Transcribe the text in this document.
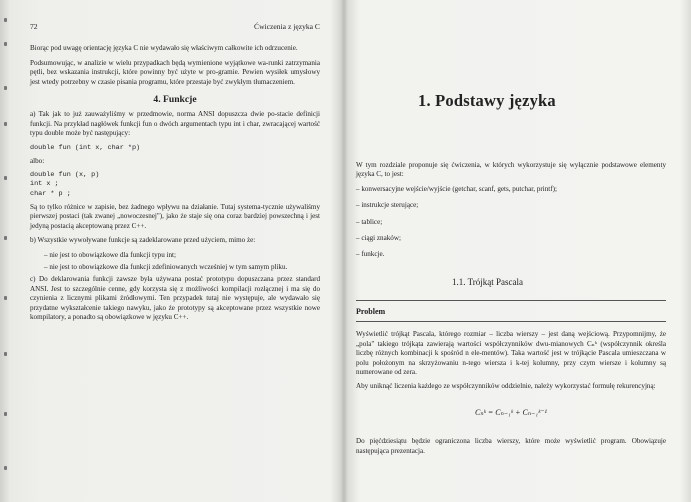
72	Ćwiczenia z języka C

Biorąc pod uwagę orientację języka C nie wydawało się właściwym całkowite ich odrzucenie.

Podsumowując, w analizie w wielu przypadkach będą wymienione wyjątkowe wa-runki zatrzymania pętli, bez wskazania instrukcji, które powinny być użyte w pro-gramie. Pewien wysiłek umysłowy jest wtedy potrzebny w czasie pisania programu, które przestaje być zwykłym tłumaczeniem.

4. Funkcje

a) Tak jak to już zauważyliśmy w przedmowie, norma ANSI dopuszcza dwie po-stacie definicji funkcji. Na przykład nagłówek funkcji fun o dwóch argumentach typu int i char, zwracającej wartość typu double może być następujący:

double fun (int x, char *p)

albo:

double fun (x, p)
int x ;
char * p ;

Są to tylko różnice w zapisie, bez żadnego wpływu na działanie. Tutaj systema-tycznie używaliśmy pierwszej postaci (tak zwanej „nowoczesnej"), jako że staje się ona coraz bardziej powszechną i jest jedyną postacią akceptowaną przez C++.

b) Wszystkie wywoływane funkcje są zadeklarowane przed użyciem, mimo że:

– nie jest to obowiązkowe dla funkcji typu int;
– nie jest to obowiązkowe dla funkcji zdefiniowanych wcześniej w tym samym pliku.

c) Do deklarowania funkcji zawsze była używana postać prototypu dopuszczana przez standard ANSI. Jest to szczególnie cenne, gdy korzysta się z możliwości kompilacji rozłącznej i ma się do czynienia z licznymi plikami źródłowymi. Ten przypadek tutaj nie występuje, ale wydawało się przydatne wykształcenie takiego nawyku, jako że prototypy są akceptowane przez wszystkie nowe kompilatory, a ponadto są obowiązkowe w języku C++.

1. Podstawy języka

W tym rozdziale proponuje się ćwiczenia, w których wykorzystuje się wyłącznie podstawowe elementy języka C, to jest:

– konwersacyjne wejście/wyjście (getchar, scanf, gets, putchar, printf);
– instrukcje sterujące;
– tablice;
– ciągi znaków;
– funkcje.
1.1. Trójkąt Pascala
Problem

Wyświetlić trójkąt Pascala, którego rozmiar – liczba wierszy – jest daną wejściową. Przypomnijmy, że „pola" takiego trójkąta zawierają wartości współczynników dwu-mianowych Cₙᵏ (współczynnik określa liczbę różnych kombinacji k spośród n ele-mentów). Taka wartość jest w trójkącie Pascala umieszczana w polu położonym na skrzyżowaniu n-tego wiersza i k-tej kolumny, przy czym wiersze i kolumny są numerowane od zera.

Aby uniknąć liczenia każdego ze współczynników oddzielnie, należy wykorzystać formułę rekurencyjną:

Cₙᵏ = Cₙ₋₁ᵏ + Cₙ₋₁ᵏ⁻¹

Do pięćdziesiątu będzie ograniczona liczba wierszy, które może wyświetlić program. Obowiązuje następująca prezentacja.
